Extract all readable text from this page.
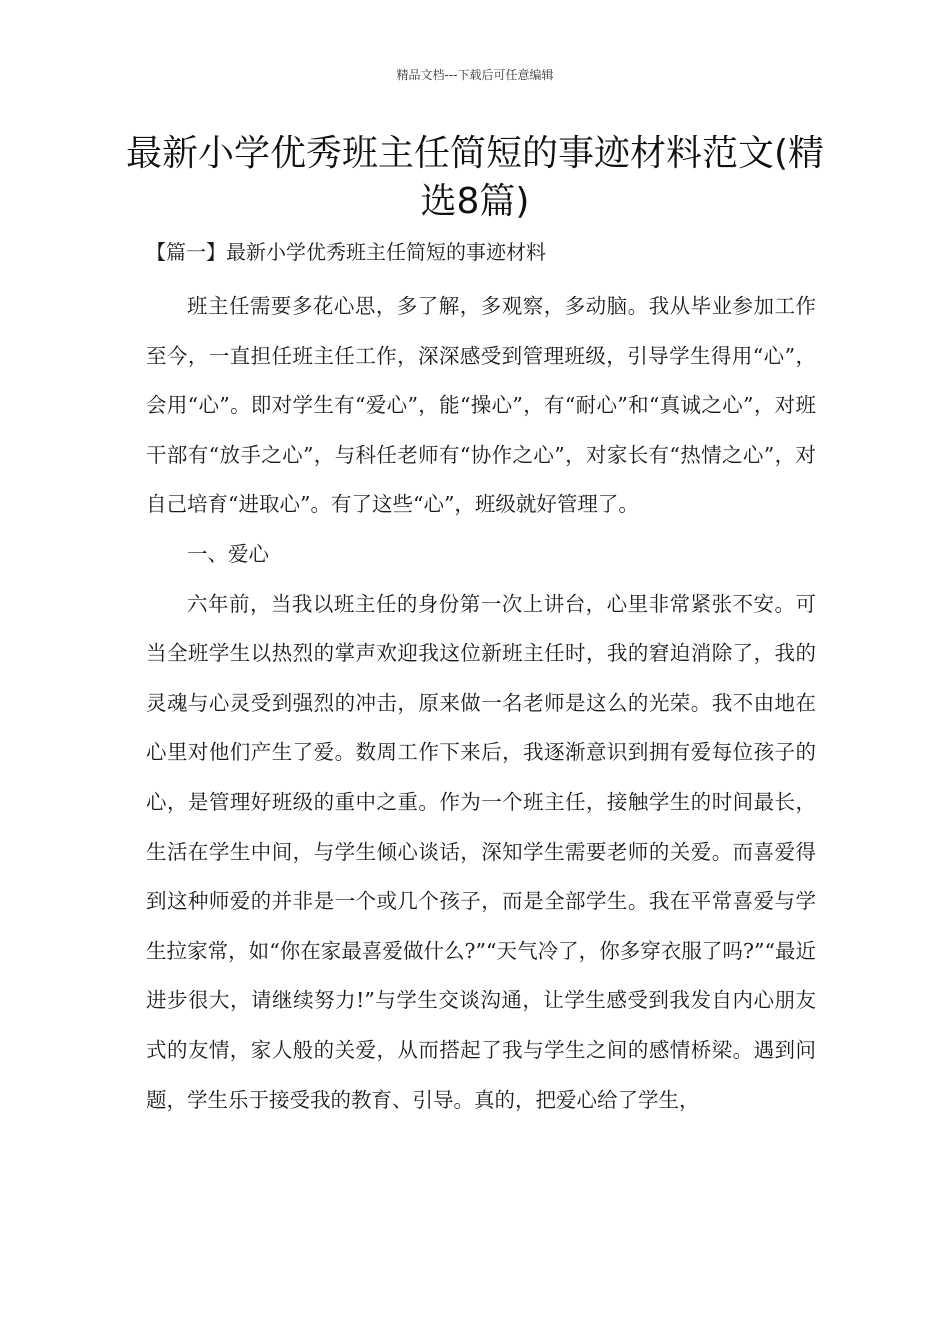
精品文档---下载后可任意编辑
最新小学优秀班主任简短的事迹材料范文(精选8篇)
【篇一】最新小学优秀班主任简短的事迹材料

班主任需要多花心思，多了解，多观察，多动脑。我从毕业参加工作至今，一直担任班主任工作，深深感受到管理班级，引导学生得用“心”，会用“心”。即对学生有“爱心”，能“操心”，有“耐心”和“真诚之心”，对班干部有“放手之心”，与科任老师有“协作之心”，对家长有“热情之心”，对自己培育“进取心”。有了这些“心”，班级就好管理了。

一、爱心

六年前，当我以班主任的身份第一次上讲台，心里非常紧张不安。可当全班学生以热烈的掌声欢迎我这位新班主任时，我的窘迫消除了，我的灵魂与心灵受到强烈的冲击，原来做一名老师是这么的光荣。我不由地在心里对他们产生了爱。数周工作下来后，我逐渐意识到拥有爱每位孩子的心，是管理好班级的重中之重。作为一个班主任，接触学生的时间最长，生活在学生中间，与学生倾心谈话，深知学生需要老师的关爱。而喜爱得到这种师爱的并非是一个或几个孩子，而是全部学生。我在平常喜爱与学生拉家常，如“你在家最喜爱做什么?”“天气冷了，你多穿衣服了吗?”“最近进步很大，请继续努力!”与学生交谈沟通，让学生感受到我发自内心朋友式的友情，家人般的关爱，从而搭起了我与学生之间的感情桥梁。遇到问题，学生乐于接受我的教育、引导。真的，把爱心给了学生，
